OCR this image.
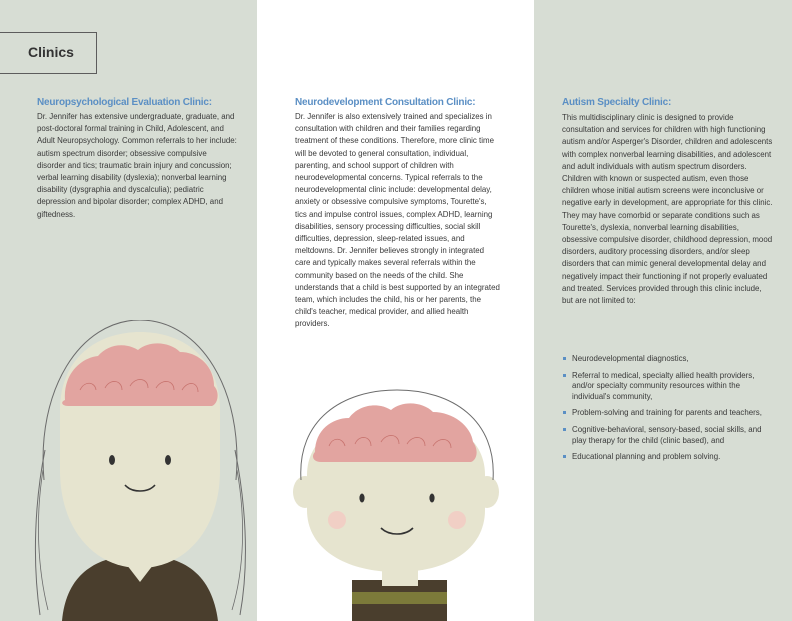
Clinics
Neuropsychological Evaluation Clinic:

Dr. Jennifer has extensive undergraduate, graduate, and post-doctoral formal training in Child, Adolescent, and Adult Neuropsychology. Common referrals to her include: autism spectrum disorder; obsessive compulsive disorder and tics; traumatic brain injury and concussion; verbal learning disability (dyslexia); nonverbal learning disability (dysgraphia and dyscalculia); pediatric depression and bipolar disorder; complex ADHD, and giftedness.

Neurodevelopment Consultation Clinic:

Dr. Jennifer is also extensively trained and specializes in consultation with children and their families regarding treatment of these conditions. Therefore, more clinic time will be devoted to general consultation, individual, parenting, and school support of children with neurodevelopmental concerns. Typical referrals to the neurodevelopmental clinic include: developmental delay, anxiety or obsessive compulsive symptoms, Tourette's, tics and impulse control issues, complex ADHD, learning disabilities, sensory processing difficulties, social skill difficulties, depression, sleep-related issues, and meltdowns. Dr. Jennifer believes strongly in integrated care and typically makes several referrals within the community based on the needs of the child. She understands that a child is best supported by an integrated team, which includes the child, his or her parents, the child's teacher, medical provider, and allied health providers.

Autism Specialty Clinic:

This multidisciplinary clinic is designed to provide consultation and services for children with high functioning autism and/or Asperger's Disorder, children and adolescents with complex nonverbal learning disabilities, and adolescent and adult individuals with autism spectrum disorders. Children with known or suspected autism, even those children whose initial autism screens were inconclusive or negative early in development, are appropriate for this clinic. They may have comorbid or separate conditions such as Tourette's, dyslexia, nonverbal learning disabilities, obsessive compulsive disorder, childhood depression, mood disorders, auditory processing disorders, and/or sleep disorders that can mimic general developmental delay and negatively impact their functioning if not properly evaluated and treated. Services provided through this clinic include, but are not limited to:

Neurodevelopmental diagnostics,
Referral to medical, specialty allied health providers, and/or specialty community resources within the individual's community,
Problem-solving and training for parents and teachers,
Cognitive-behavioral, sensory-based, social skills, and play therapy for the child (clinic based), and
Educational planning and problem solving.
